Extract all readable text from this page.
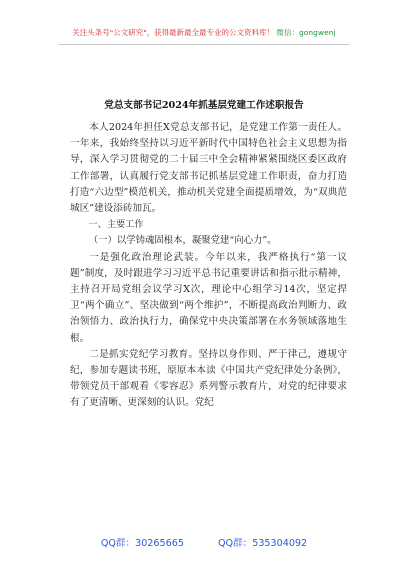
关注头条号"公文研究"，获得最新最全最专业的公文资料库！ 微信：gongwenj
党总支部书记2024年抓基层党建工作述职报告

本人2024年担任X党总支部书记，是党建工作第一责任人。一年来，我始终坚持以习近平新时代中国特色社会主义思想为指导，深入学习贯彻党的二十届三中全会精神紧紧围绕区委区政府工作部署，认真履行党支部书记抓基层党建工作职责，奋力打造打造“六边型”模范机关，推动机关党建全面提质增效，为“双典范城区”建设添砖加瓦。

一、主要工作

（一）以学铸魂固根本，凝聚党建“向心力”。

一是强化政治理论武装。今年以来，我严格执行“第一议题”制度，及时跟进学习习近平总书记重要讲话和指示批示精神，主持召开局党组会议学习X次，理论中心组学习14次，坚定捍卫“两个确立”、坚决做到“两个维护”，不断提高政治判断力、政治领悟力、政治执行力，确保党中央决策部署在水务领域落地生根。

二是抓实党纪学习教育。坚持以身作则、严于律己，遵规守纪，参加专题读书班，原原本本读《中国共产党纪律处分条例》，带领党员干部观看《零容忍》系列警示教育片，对党的纪律要求有了更清晰、更深刻的认识。党纪

QQ群：30265665	QQ群：535304092
